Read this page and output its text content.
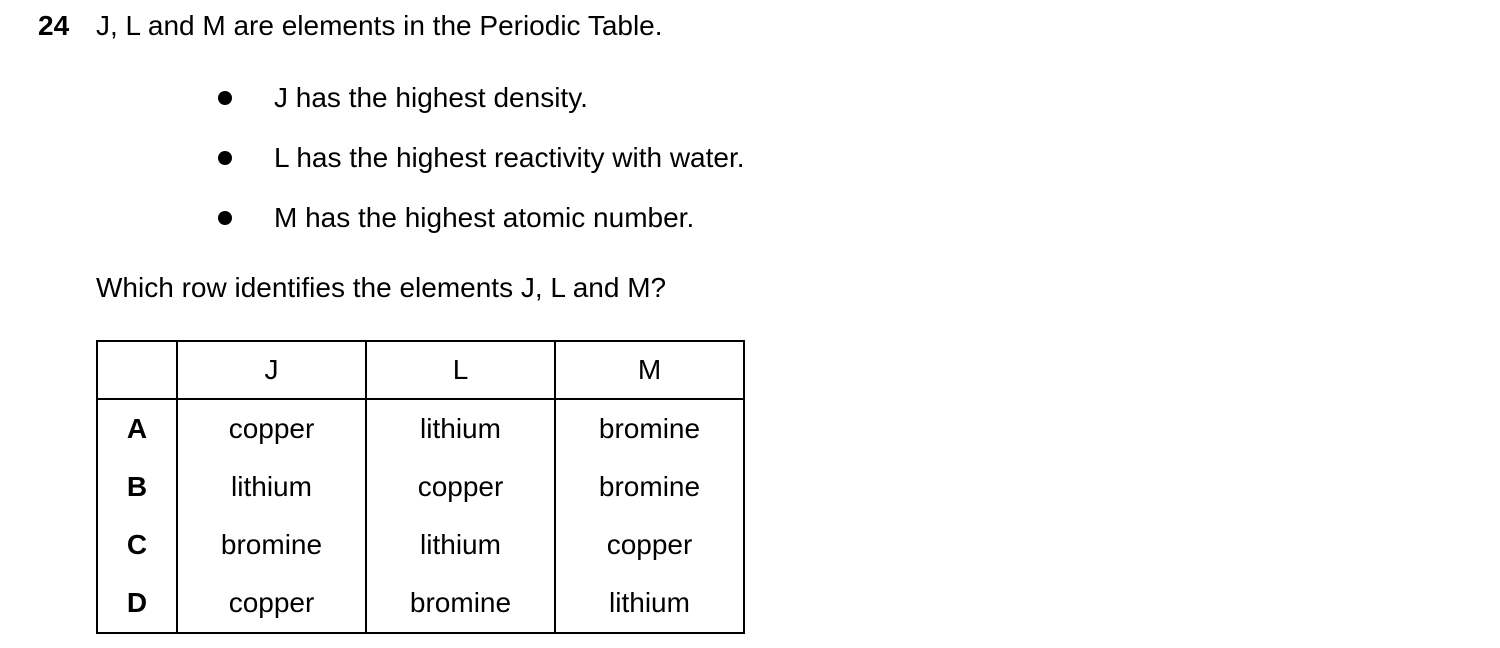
24 J, L and M are elements in the Periodic Table.
J has the highest density.
L has the highest reactivity with water.
M has the highest atomic number.
Which row identifies the elements J, L and M?
	J	L	M
A	copper	lithium	bromine
B	lithium	copper	bromine
C	bromine	lithium	copper
D	copper	bromine	lithium
